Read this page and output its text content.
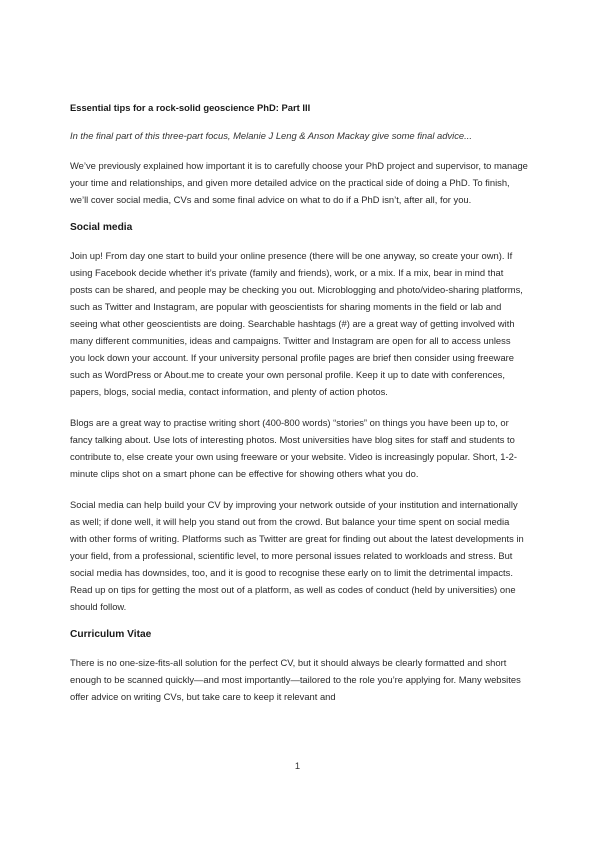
Essential tips for a rock-solid geoscience PhD: Part III
In the final part of this three-part focus, Melanie J Leng & Anson Mackay give some final advice...
We’ve previously explained how important it is to carefully choose your PhD project and supervisor, to manage your time and relationships, and given more detailed advice on the practical side of doing a PhD. To finish, we’ll cover social media, CVs and some final advice on what to do if a PhD isn’t, after all, for you.
Social media
Join up! From day one start to build your online presence (there will be one anyway, so create your own). If using Facebook decide whether it’s private (family and friends), work, or a mix. If a mix, bear in mind that posts can be shared, and people may be checking you out. Microblogging and photo/video-sharing platforms, such as Twitter and Instagram, are popular with geoscientists for sharing moments in the field or lab and seeing what other geoscientists are doing. Searchable hashtags (#) are a great way of getting involved with many different communities, ideas and campaigns. Twitter and Instagram are open for all to access unless you lock down your account. If your university personal profile pages are brief then consider using freeware such as WordPress or About.me to create your own personal profile. Keep it up to date with conferences, papers, blogs, social media, contact information, and plenty of action photos.
Blogs are a great way to practise writing short (400-800 words) “stories” on things you have been up to, or fancy talking about. Use lots of interesting photos. Most universities have blog sites for staff and students to contribute to, else create your own using freeware or your website. Video is increasingly popular. Short, 1-2-minute clips shot on a smart phone can be effective for showing others what you do.
Social media can help build your CV by improving your network outside of your institution and internationally as well; if done well, it will help you stand out from the crowd. But balance your time spent on social media with other forms of writing. Platforms such as Twitter are great for finding out about the latest developments in your field, from a professional, scientific level, to more personal issues related to workloads and stress. But social media has downsides, too, and it is good to recognise these early on to limit the detrimental impacts. Read up on tips for getting the most out of a platform, as well as codes of conduct (held by universities) one should follow.
Curriculum Vitae
There is no one-size-fits-all solution for the perfect CV, but it should always be clearly formatted and short enough to be scanned quickly—and most importantly—tailored to the role you’re applying for. Many websites offer advice on writing CVs, but take care to keep it relevant and
1
